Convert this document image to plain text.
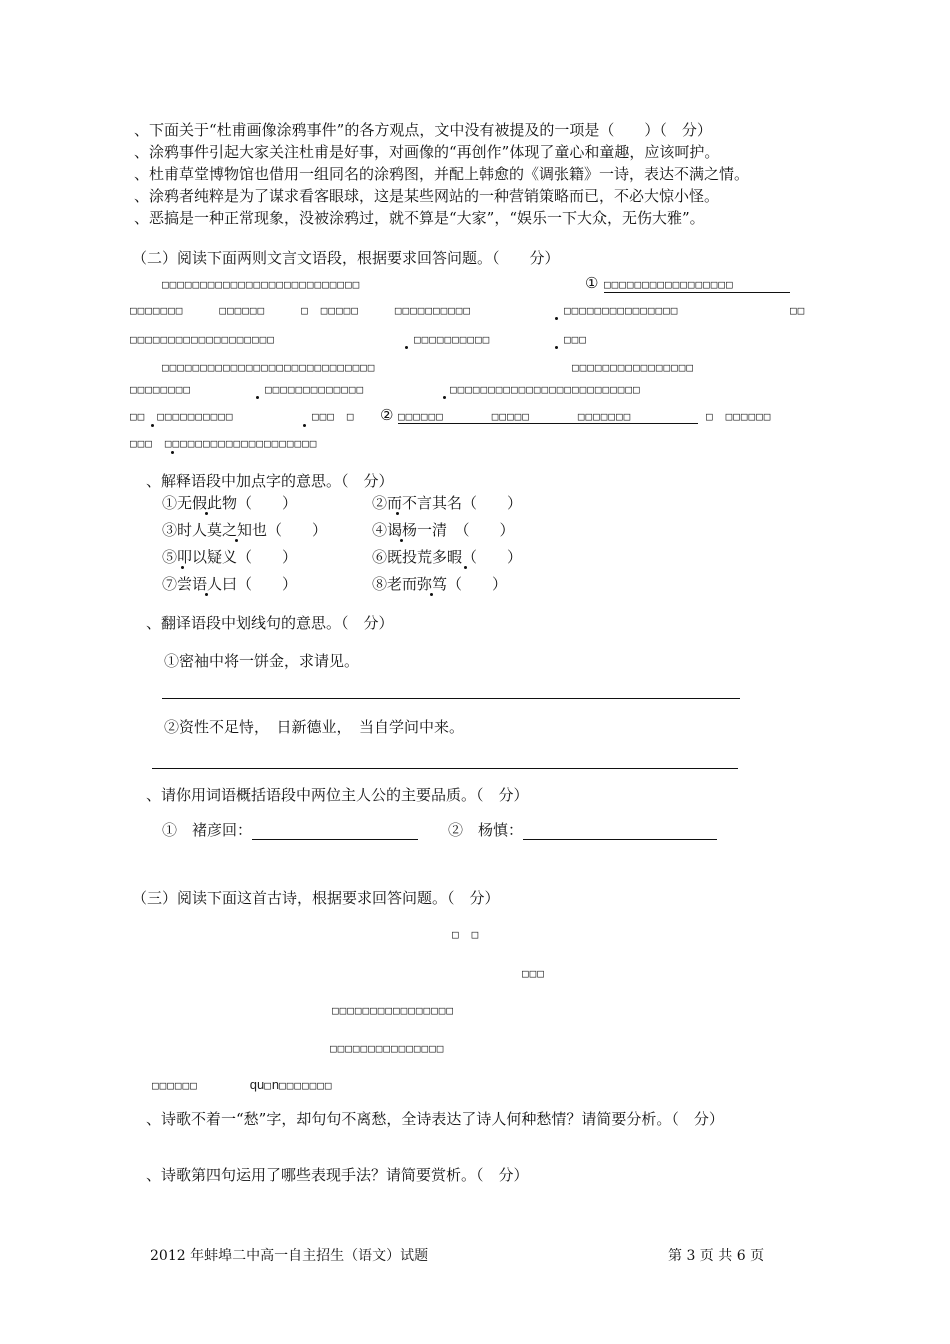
、下面关于“杜甫画像涂鸦事件”的各方观点，文中没有被提及的一项是（　　）（　分）
、涂鸦事件引起大家关注杜甫是好事，对画像的“再创作”体现了童心和童趣，应该呵护。
、杜甫草堂博物馆也借用一组同名的涂鸦图，并配上韩愈的《调张籍》一诗，表达不满之情。
、涂鸦者纯粹是为了谋求看客眼球，这是某些网站的一种营销策略而已，不必大惊小怪。
、恶搞是一种正常现象，没被涂鸦过，就不算是“大家”，“娱乐一下大众，无伤大雅”。
（二）阅读下面两则文言文语段，根据要求回答问题。（　　分）
□□□□□□□□□□□□□□□□□□□□□□□□□□	① □□□□□□□□□□□□□□□□□
□□□□□□□　　　□□□□□□　　　□　□□□□□　　　□□□□□□□□□□	□□□□□□□□□□□□□□□	□□
□□□□□□□□□□□□□□□□□□□	□□□□□□□□□□	□□□
□□□□□□□□□□□□□□□□□□□□□□□□□□□□	□□□□□□□□□□□□□□□□
□□□□□□□□	□□□□□□□□□□□□□	□□□□□□□□□□□□□□□□□□□□□□□□□
□□　□□□□□□□□□□	□□□　□ ② □□□□□□　　　　□□□□□　　　　□□□□□□□	□　□□□□□□
□□□　□□□□□□□□□□□□□□□□□□□□
、解释语段中加点字的意思。（　分）
①无假此物（　　）	②而不言其名（　　）
③时人莫之知也（　　）	④谒杨一清　（　　）
⑤叩以疑义（　　）	⑥既投荒多暇（　　）
⑦尝语人曰（　　）	⑧老而弥笃（　　）
、翻译语段中划线句的意思。（　分）
①密袖中将一饼金，求请见。
②资性不足恃，　日新德业，　当自学问中来。
、请你用词语概括语段中两位主人公的主要品质。（　分）
①　褚彦回：	②　杨慎：
（三）阅读下面这首古诗，根据要求回答问题。（　分）
□　□
□□□
□□□□□□□□□□□□□□□□
□□□□□□□□□□□□□□□
□□□□□□	qu□n□□□□□□□
、诗歌不着一“愁”字，却句句不离愁，全诗表达了诗人何种愁情？请简要分析。（　分）
、诗歌第四句运用了哪些表现手法？请简要赏析。（　分）
2012 年蚌埠二中高一自主招生（语文）试题	第 3 页 共 6 页
